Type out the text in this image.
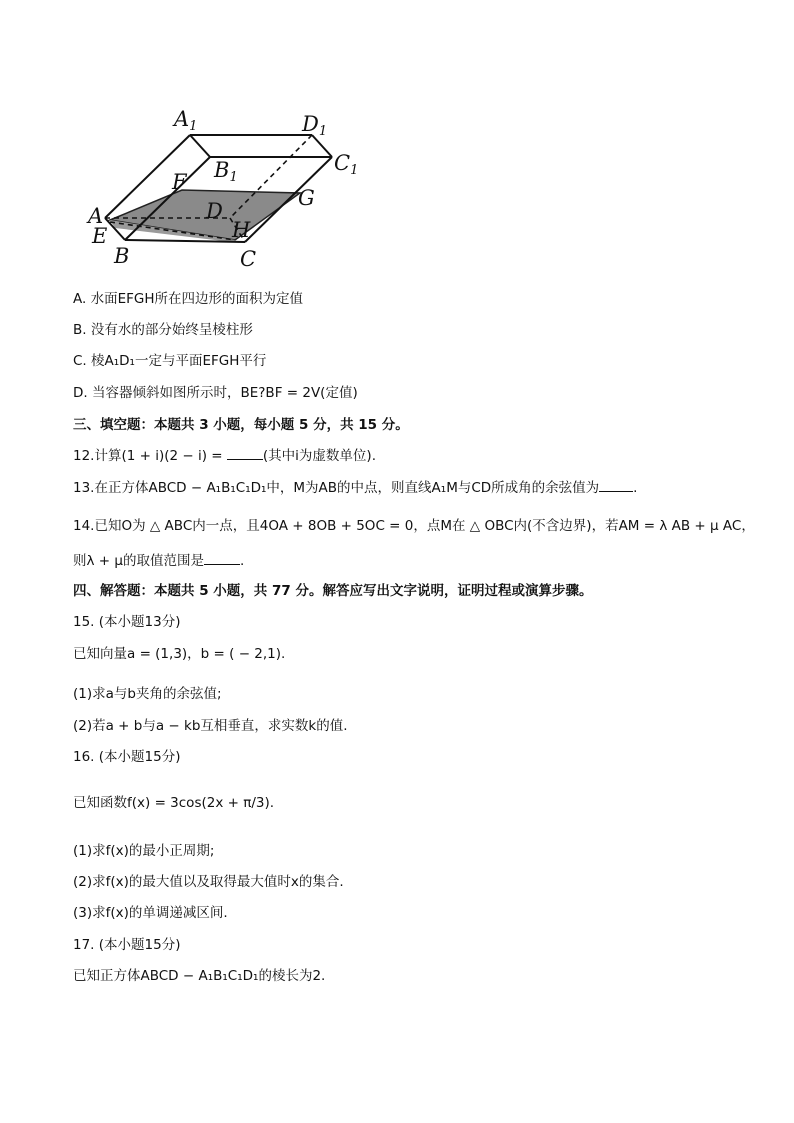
A1	D1
B1
C1
F
G
A
E
D
H
B	C
A. 水面EFGH所在四边形的面积为定值
B. 没有水的部分始终呈棱柱形
C. 棱A₁D₁一定与平面EFGH平行
D. 当容器倾斜如图所示时，BE?BF = 2V(定值)
三、填空题：本题共 3 小题，每小题 5 分，共 15 分。
12.计算(1 + i)(2 − i) =	(其中i为虚数单位).
13.在正方体ABCD − A₁B₁C₁D₁中，M为AB的中点，则直线A₁M与CD所成角的余弦值为	.
14.已知O为 △ ABC内一点，且4OA + 8OB + 5OC = 0，点M在 △ OBC内(不含边界)，若AM = λ AB + μ AC，
则λ + μ的取值范围是	.
四、解答题：本题共 5 小题，共 77 分。解答应写出文字说明，证明过程或演算步骤。
15. (本小题13分)
已知向量a = (1,3)，b = ( − 2,1).
(1)求a与b夹角的余弦值;
(2)若a + b与a − kb互相垂直，求实数k的值.
16. (本小题15分)
已知函数f(x) = 3cos(2x + π/3).
(1)求f(x)的最小正周期;
(2)求f(x)的最大值以及取得最大值时x的集合.
(3)求f(x)的单调递减区间.
17. (本小题15分)
已知正方体ABCD − A₁B₁C₁D₁的棱长为2.
